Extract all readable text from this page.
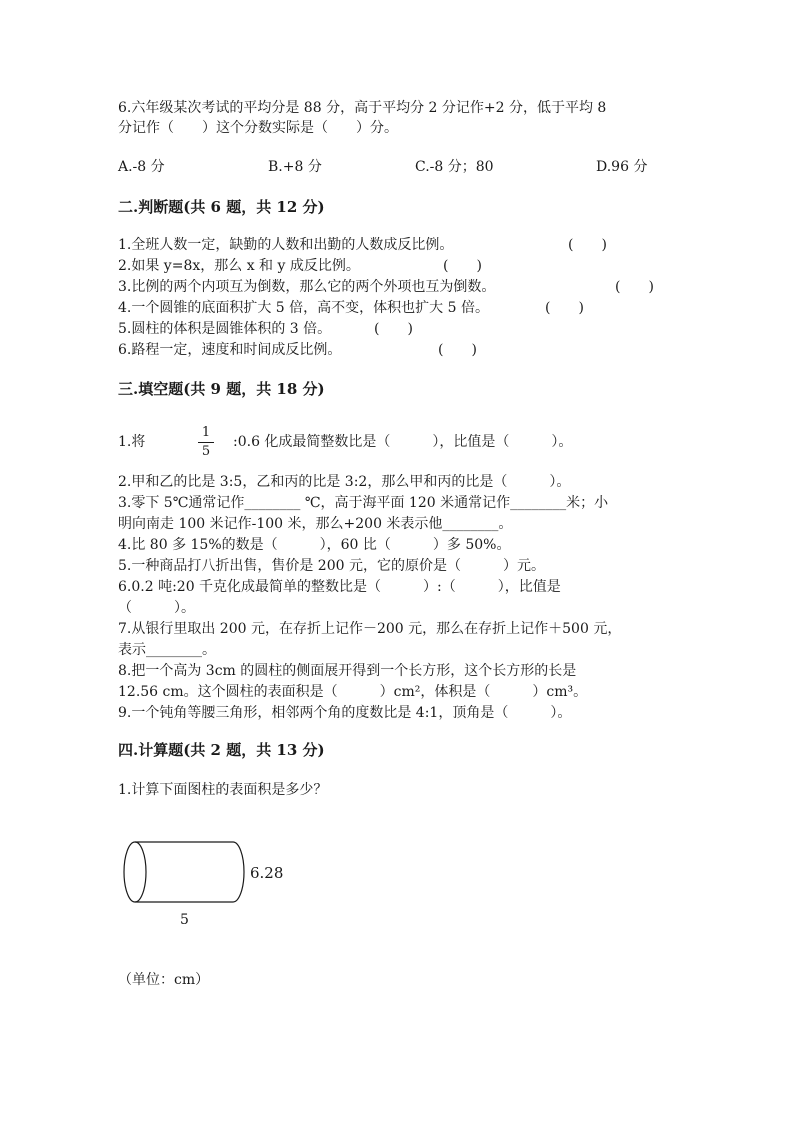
6.六年级某次考试的平均分是 88 分，高于平均分 2 分记作+2 分，低于平均 8
分记作（　　）这个分数实际是（　　）分。
A.-8 分	B.+8 分	C.-8 分；80	D.96 分
二.判断题(共 6 题，共 12 分)
1.全班人数一定，缺勤的人数和出勤的人数成反比例。	(　　)
2.如果 y=8x，那么 x 和 y 成反比例。	(　　)
3.比例的两个内项互为倒数，那么它的两个外项也互为倒数。	(　　)
4.一个圆锥的底面积扩大 5 倍，高不变，体积也扩大 5 倍。	(　　)
5.圆柱的体积是圆锥体积的 3 倍。	(　　)
6.路程一定，速度和时间成反比例。	(　　)
三.填空题(共 9 题，共 18 分)
1.将
1
5
:0.6 化成最简整数比是（　　　），比值是（　　　）。
2.甲和乙的比是 3:5，乙和丙的比是 3:2，那么甲和丙的比是（　　　）。
3.零下 5℃通常记作________ ℃，高于海平面 120 米通常记作________米；小
明向南走 100 米记作-100 米，那么+200 米表示他________。
4.比 80 多 15%的数是（　　　），60 比（　　　）多 50%。
5.一种商品打八折出售，售价是 200 元，它的原价是（　　　）元。
6.0.2 吨:20 千克化成最简单的整数比是（　　　）:（　　　），比值是
（　　　）。
7.从银行里取出 200 元，在存折上记作－200 元，那么在存折上记作＋500 元，
表示________。
8.把一个高为 3cm 的圆柱的侧面展开得到一个长方形，这个长方形的长是
12.56 cm。这个圆柱的表面积是（　　　）cm²，体积是（　　　）cm³。
9.一个钝角等腰三角形，相邻两个角的度数比是 4:1，顶角是（　　　）。
四.计算题(共 2 题，共 13 分)
1.计算下面图柱的表面积是多少？
6.28
5
（单位：cm）
